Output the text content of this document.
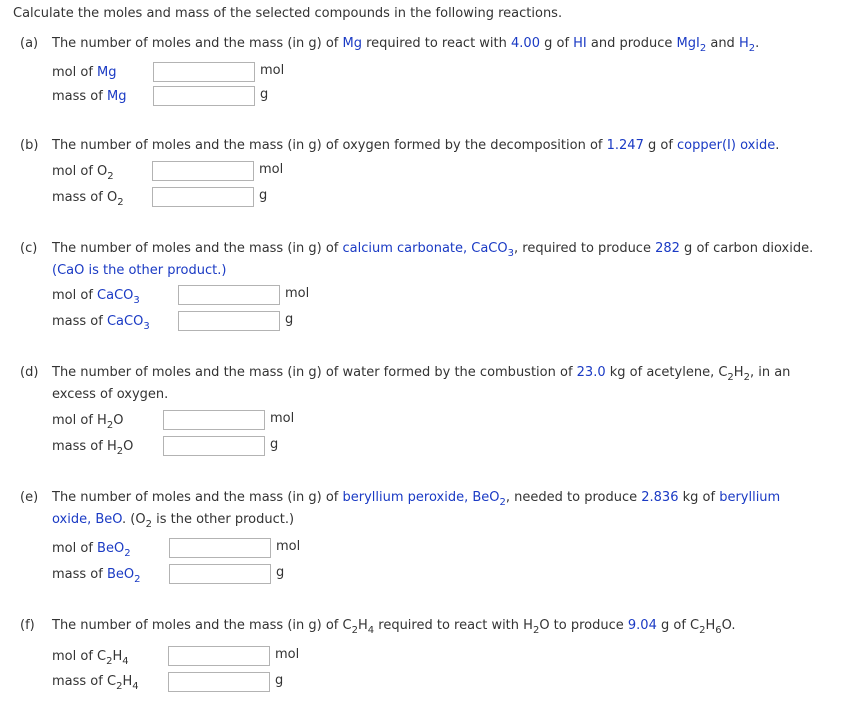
Calculate the moles and mass of the selected compounds in the following reactions.
(a) The number of moles and the mass (in g) of Mg required to react with 4.00 g of HI and produce MgI$_2$ and $H_2$.
mol of Mg	mol
mass of Mg	g
(b) The number of moles and the mass (in g) of oxygen formed by the decomposition of 1.247 g of copper(I) oxide.
mol of $O_2$	mol
mass of $O_2$	g
(c) The number of moles and the mass (in g) of calcium carbonate, CaCO$_3$, required to produce 282 g of carbon dioxide.
(CaO is the other product.)
mol of CaCO$_3$	mol
mass of CaCO$_3$	g
(d) The number of moles and the mass (in g) of water formed by the combustion of 23.0 kg of acetylene, $C_2H_2$, in an
excess of oxygen.
mol of $H_2O$	mol
mass of $H_2O$	g
(e) The number of moles and the mass (in g) of beryllium peroxide, BeO$_2$, needed to produce 2.836 kg of beryllium
oxide, BeO. ($O_2$ is the other product.)
mol of BeO$_2$	mol
mass of BeO$_2$	g
(f) The number of moles and the mass (in g) of $C_2H_4$ required to react with $H_2O$ to produce 9.04 g of $C_2H_6O$.
mol of $C_2H_4$	mol
mass of $C_2H_4$	g
